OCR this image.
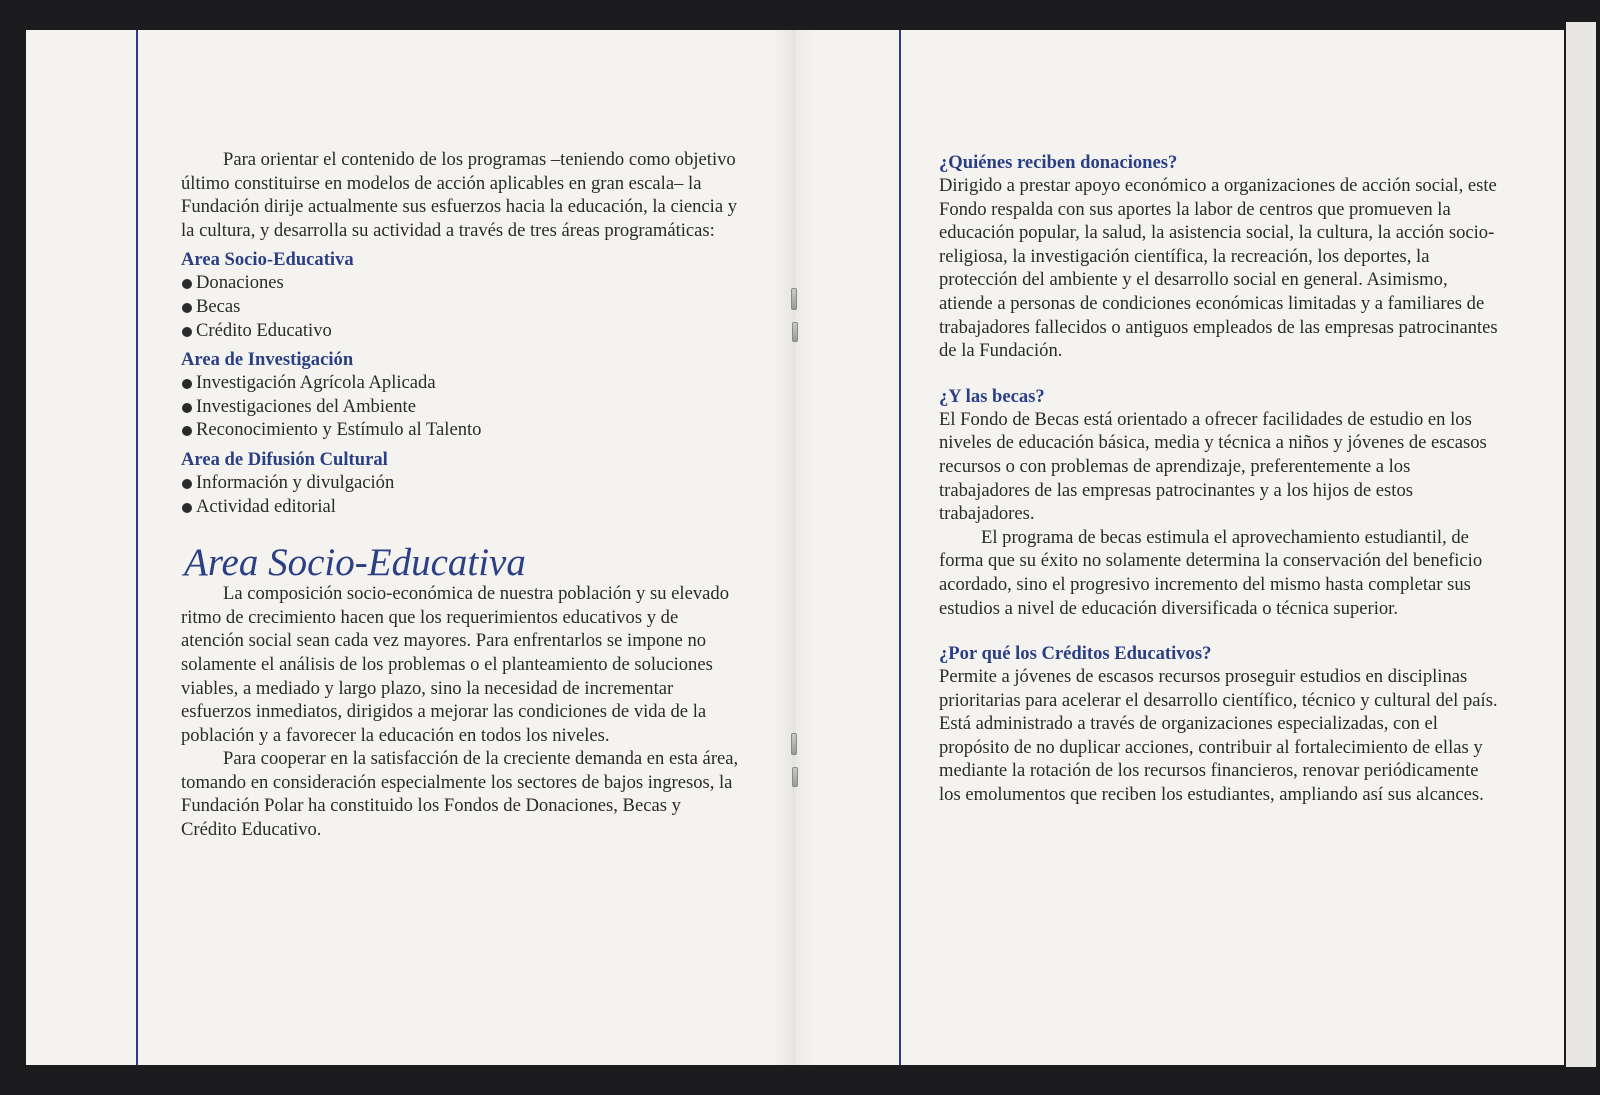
Para orientar el contenido de los programas –teniendo como objetivo último constituirse en modelos de acción aplicables en gran escala– la Fundación dirije actualmente sus esfuerzos hacia la educación, la ciencia y la cultura, y desarrolla su actividad a través de tres áreas programáticas:

Area Socio-Educativa
Donaciones
Becas
Crédito Educativo
Area de Investigación
Investigación Agrícola Aplicada
Investigaciones del Ambiente
Reconocimiento y Estímulo al Talento
Area de Difusión Cultural
Información y divulgación
Actividad editorial
Area Socio-Educativa

La composición socio-económica de nuestra población y su elevado ritmo de crecimiento hacen que los requerimientos educativos y de atención social sean cada vez mayores. Para enfrentarlos se impone no solamente el análisis de los problemas o el planteamiento de soluciones viables, a mediado y largo plazo, sino la necesidad de incrementar esfuerzos inmediatos, dirigidos a mejorar las condiciones de vida de la población y a favorecer la educación en todos los niveles.

Para cooperar en la satisfacción de la creciente demanda en esta área, tomando en consideración especialmente los sectores de bajos ingresos, la Fundación Polar ha constituido los Fondos de Donaciones, Becas y Crédito Educativo.

¿Quiénes reciben donaciones?

Dirigido a prestar apoyo económico a organizaciones de acción social, este Fondo respalda con sus aportes la labor de centros que promueven la educación popular, la salud, la asistencia social, la cultura, la acción socio-religiosa, la investigación científica, la recreación, los deportes, la protección del ambiente y el desarrollo social en general. Asimismo, atiende a personas de condiciones económicas limitadas y a familiares de trabajadores fallecidos o antiguos empleados de las empresas patrocinantes de la Fundación.

¿Y las becas?

El Fondo de Becas está orientado a ofrecer facilidades de estudio en los niveles de educación básica, media y técnica a niños y jóvenes de escasos recursos o con problemas de aprendizaje, preferentemente a los trabajadores de las empresas patrocinantes y a los hijos de estos trabajadores.

El programa de becas estimula el aprovechamiento estudiantil, de forma que su éxito no solamente determina la conservación del beneficio acordado, sino el progresivo incremento del mismo hasta completar sus estudios a nivel de educación diversificada o técnica superior.

¿Por qué los Créditos Educativos?

Permite a jóvenes de escasos recursos proseguir estudios en disciplinas prioritarias para acelerar el desarrollo científico, técnico y cultural del país. Está administrado a través de organizaciones especializadas, con el propósito de no duplicar acciones, contribuir al fortalecimiento de ellas y mediante la rotación de los recursos financieros, renovar periódicamente los emolumentos que reciben los estudiantes, ampliando así sus alcances.
